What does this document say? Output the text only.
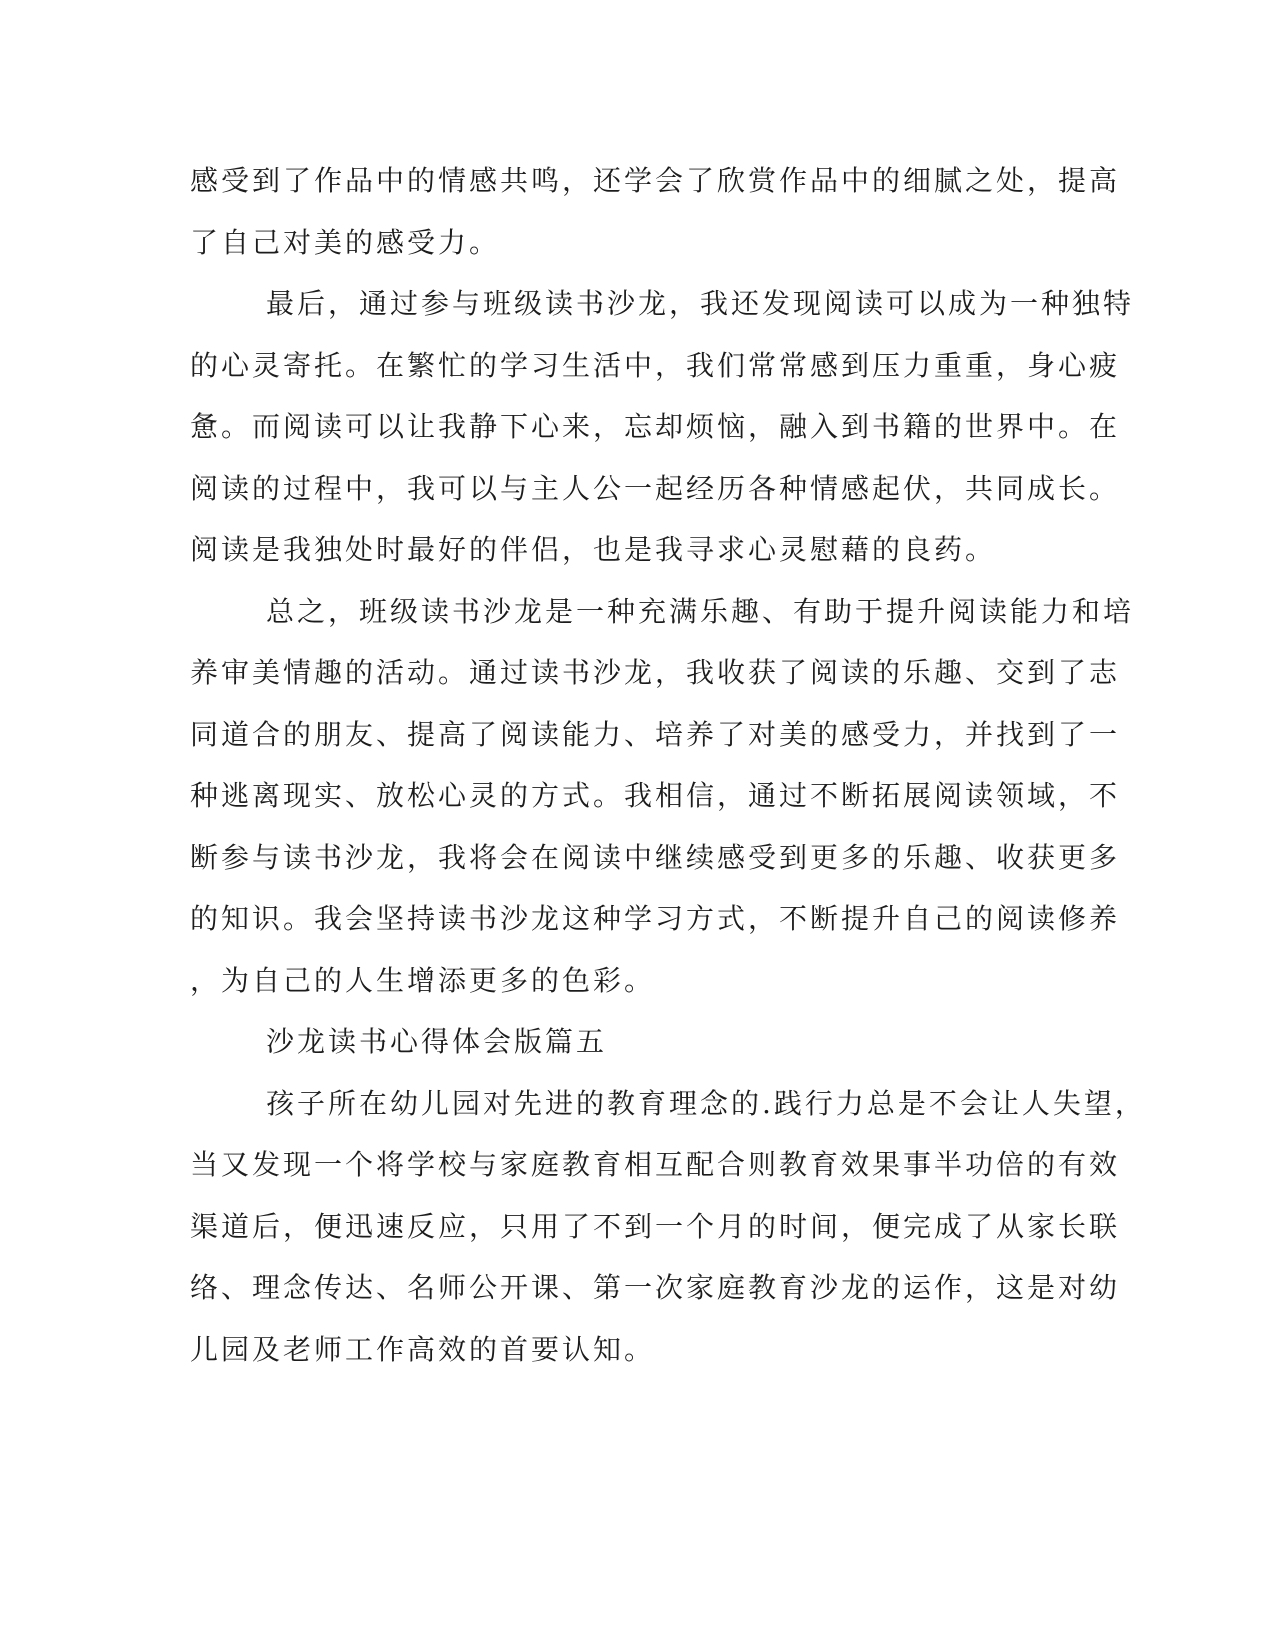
感受到了作品中的情感共鸣，还学会了欣赏作品中的细腻之处，提高
了自己对美的感受力。
最后，通过参与班级读书沙龙，我还发现阅读可以成为一种独特
的心灵寄托。在繁忙的学习生活中，我们常常感到压力重重，身心疲
惫。而阅读可以让我静下心来，忘却烦恼，融入到书籍的世界中。在
阅读的过程中，我可以与主人公一起经历各种情感起伏，共同成长。
阅读是我独处时最好的伴侣，也是我寻求心灵慰藉的良药。
总之，班级读书沙龙是一种充满乐趣、有助于提升阅读能力和培
养审美情趣的活动。通过读书沙龙，我收获了阅读的乐趣、交到了志
同道合的朋友、提高了阅读能力、培养了对美的感受力，并找到了一
种逃离现实、放松心灵的方式。我相信，通过不断拓展阅读领域，不
断参与读书沙龙，我将会在阅读中继续感受到更多的乐趣、收获更多
的知识。我会坚持读书沙龙这种学习方式，不断提升自己的阅读修养
，为自己的人生增添更多的色彩。
沙龙读书心得体会版篇五
孩子所在幼儿园对先进的教育理念的.践行力总是不会让人失望，
当又发现一个将学校与家庭教育相互配合则教育效果事半功倍的有效
渠道后，便迅速反应，只用了不到一个月的时间，便完成了从家长联
络、理念传达、名师公开课、第一次家庭教育沙龙的运作，这是对幼
儿园及老师工作高效的首要认知。
